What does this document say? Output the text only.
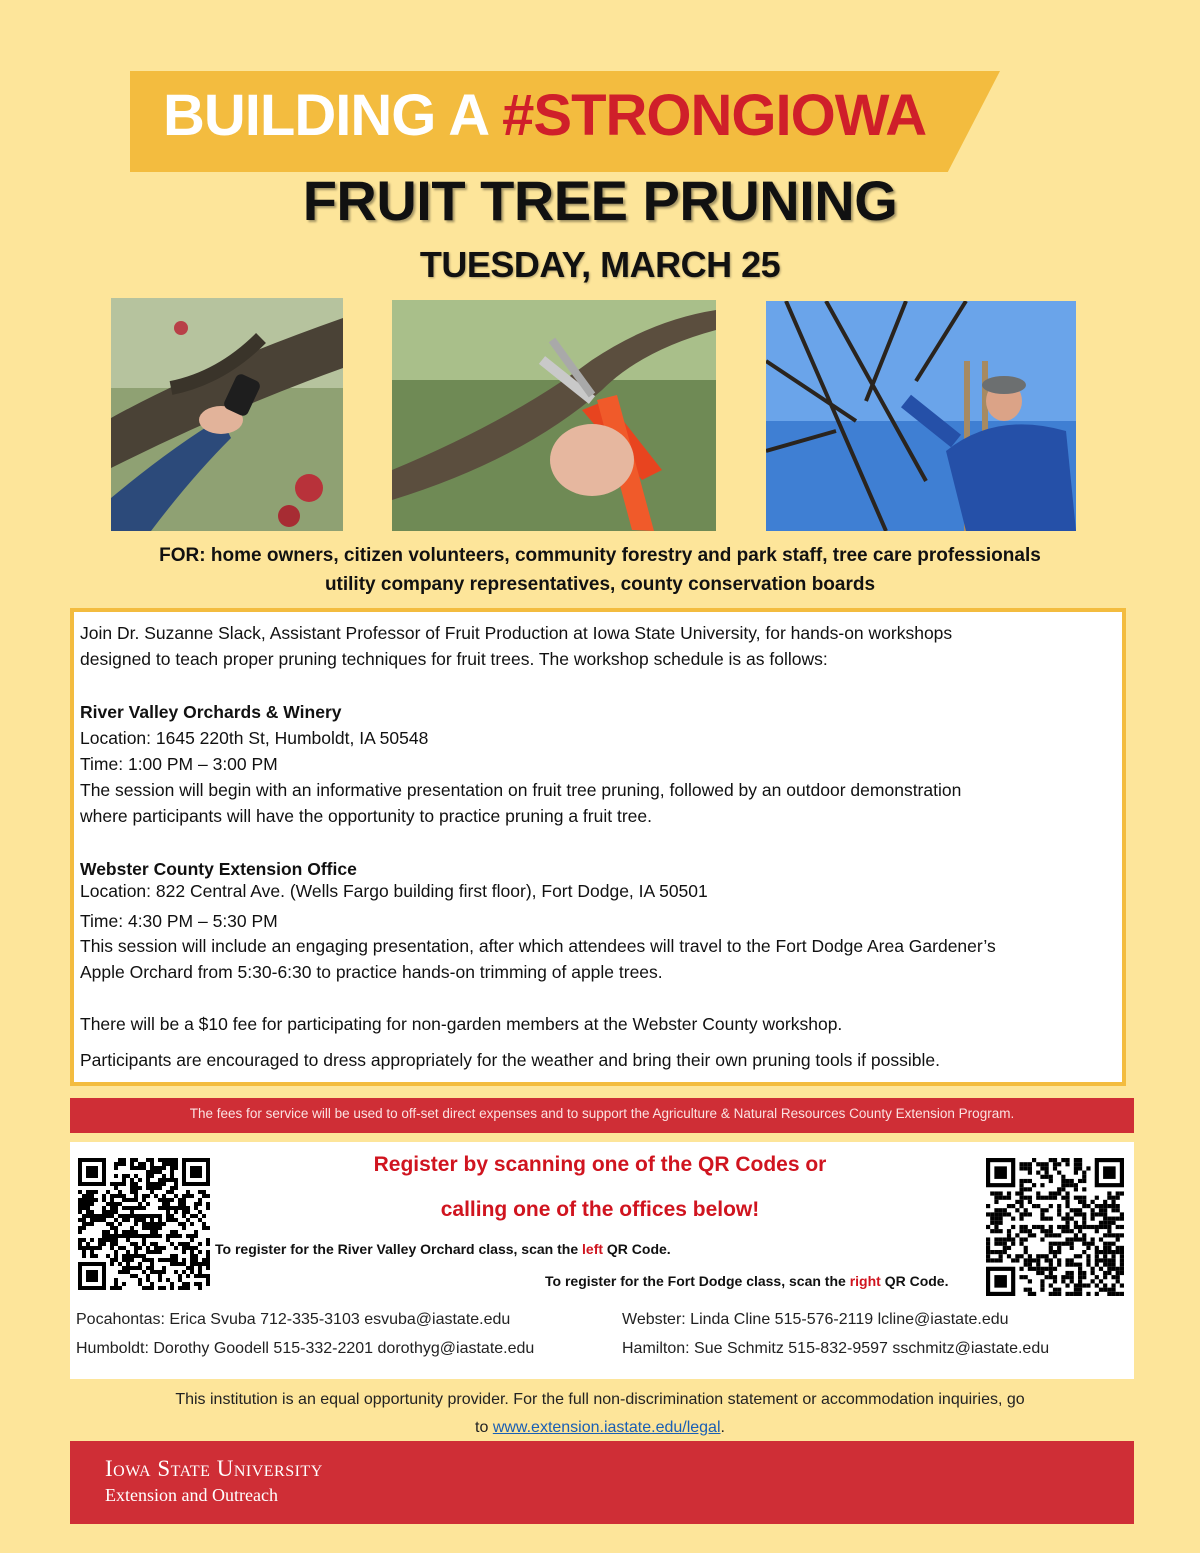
BUILDING A #STRONGIOWA
FRUIT TREE PRUNING
TUESDAY, MARCH 25
FOR: home owners, citizen volunteers, community forestry and park staff, tree care professionals
utility company representatives, county conservation boards
Join Dr. Suzanne Slack, Assistant Professor of Fruit Production at Iowa State University, for hands-on workshops
designed to teach proper pruning techniques for fruit trees. The workshop schedule is as follows:
River Valley Orchards & Winery
Location: 1645 220th St, Humboldt, IA 50548
Time: 1:00 PM – 3:00 PM
The session will begin with an informative presentation on fruit tree pruning, followed by an outdoor demonstration
where participants will have the opportunity to practice pruning a fruit tree.
Webster County Extension Office
Location: 822 Central Ave. (Wells Fargo building first floor), Fort Dodge, IA 50501
Time: 4:30 PM – 5:30 PM
This session will include an engaging presentation, after which attendees will travel to the Fort Dodge Area Gardener’s
Apple Orchard from 5:30-6:30 to practice hands-on trimming of apple trees.
There will be a $10 fee for participating for non-garden members at the Webster County workshop.
Participants are encouraged to dress appropriately for the weather and bring their own pruning tools if possible.
The fees for service will be used to off-set direct expenses and to support the Agriculture & Natural Resources County Extension Program.
Register by scanning one of the QR Codes or
calling one of the offices below!
To register for the River Valley Orchard class, scan the left QR Code.
To register for the Fort Dodge class, scan the right QR Code.
Pocahontas: Erica Svuba 712-335-3103 esvuba@iastate.edu
Humboldt: Dorothy Goodell 515-332-2201 dorothyg@iastate.edu
Webster: Linda Cline 515-576-2119 lcline@iastate.edu
Hamilton: Sue Schmitz 515-832-9597 sschmitz@iastate.edu
This institution is an equal opportunity provider. For the full non-discrimination statement or accommodation inquiries, go
to www.extension.iastate.edu/legal.
Iowa State University
Extension and Outreach
